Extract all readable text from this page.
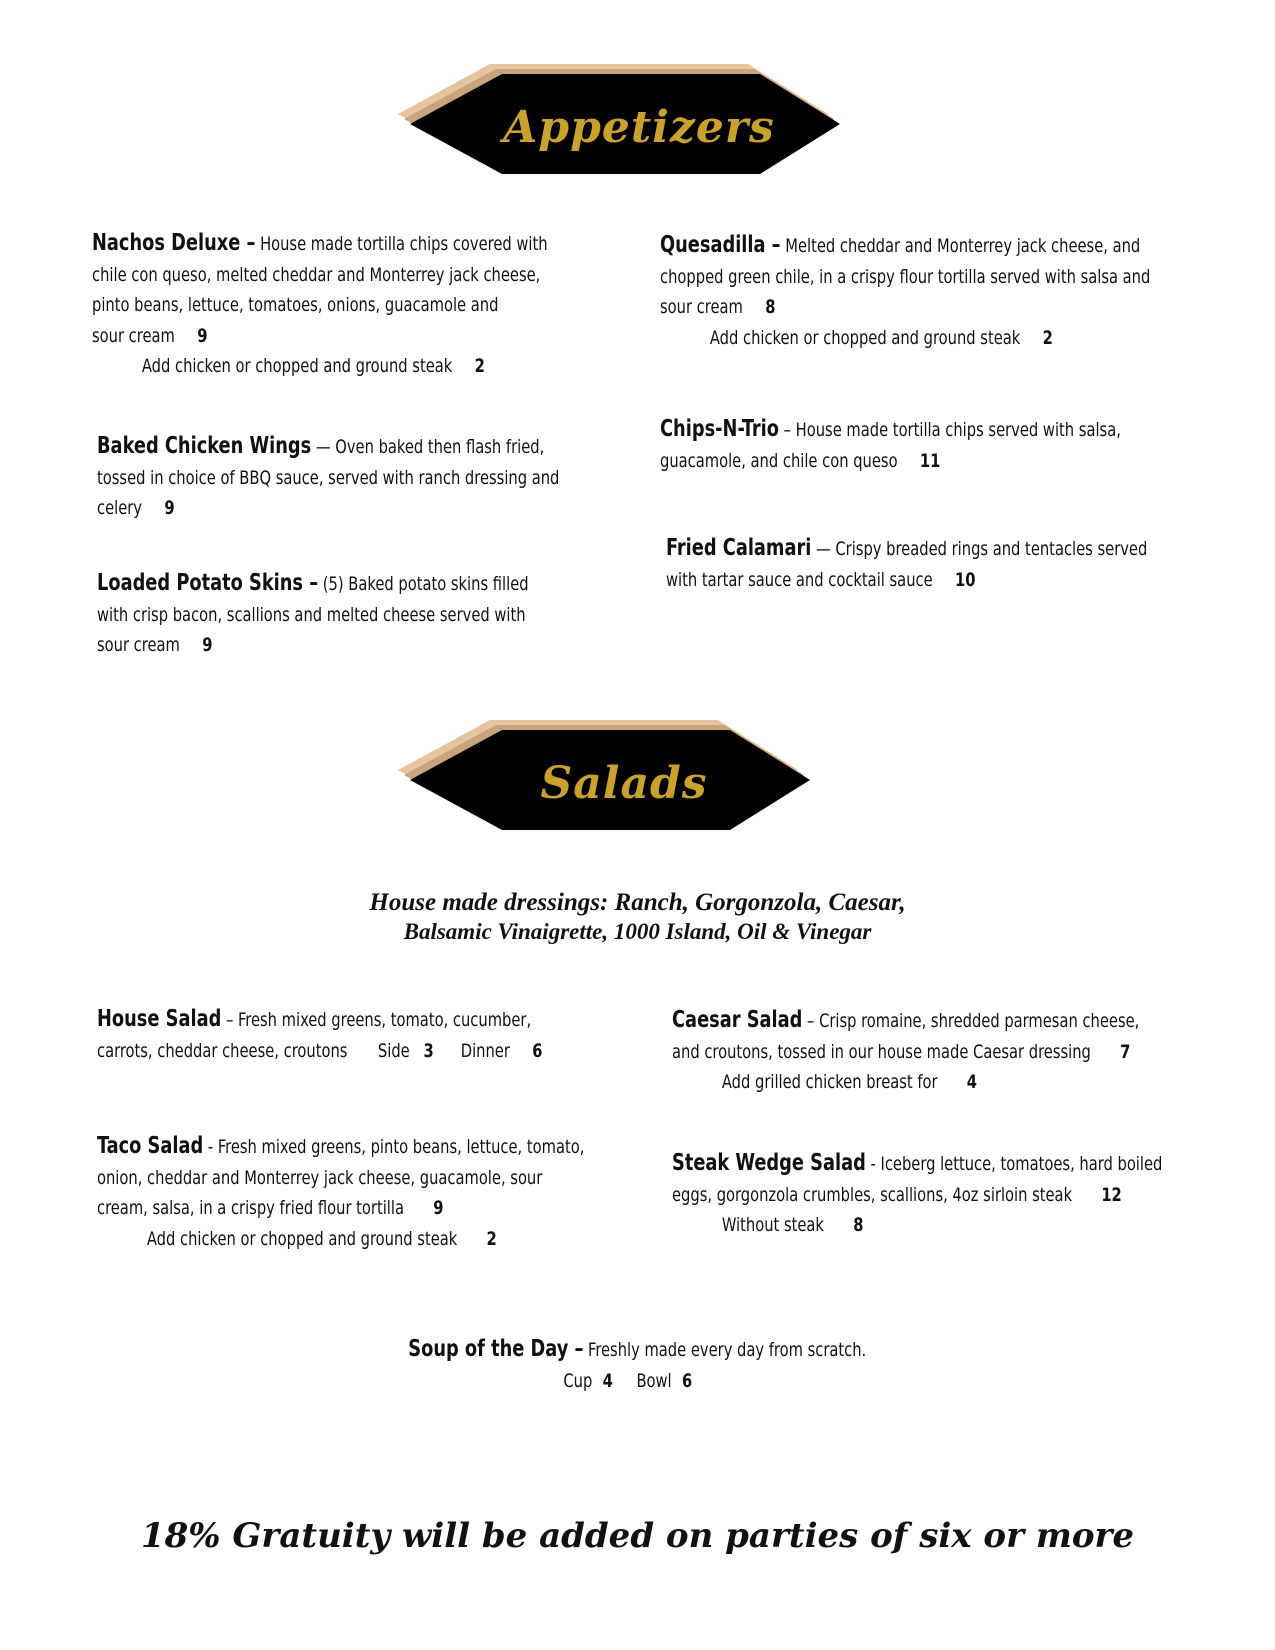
Appetizers
Salads
Nachos Deluxe – House made tortilla chips covered with
chile con queso, melted cheddar and Monterrey jack cheese,
pinto beans, lettuce, tomatoes, onions, guacamole and
sour cream 9
Add chicken or chopped and ground steak 2
Baked Chicken Wings — Oven baked then flash fried,
tossed in choice of BBQ sauce, served with ranch dressing and
celery 9
Loaded Potato Skins – (5) Baked potato skins filled
with crisp bacon, scallions and melted cheese served with
sour cream 9
Quesadilla – Melted cheddar and Monterrey jack cheese, and
chopped green chile, in a crispy flour tortilla served with salsa and
sour cream 8
Add chicken or chopped and ground steak 2
Chips-N-Trio – House made tortilla chips served with salsa,
guacamole, and chile con queso 11
Fried Calamari — Crispy breaded rings and tentacles served
with tartar sauce and cocktail sauce 10
House made dressings: Ranch, Gorgonzola, Caesar,
Balsamic Vinaigrette, 1000 Island, Oil & Vinegar
House Salad – Fresh mixed greens, tomato, cucumber,
carrots, cheddar cheese, croutons Side 3 Dinner 6
Taco Salad - Fresh mixed greens, pinto beans, lettuce, tomato,
onion, cheddar and Monterrey jack cheese, guacamole, sour
cream, salsa, in a crispy fried flour tortilla 9
Add chicken or chopped and ground steak 2
Caesar Salad – Crisp romaine, shredded parmesan cheese,
and croutons, tossed in our house made Caesar dressing 7
Add grilled chicken breast for 4
Steak Wedge Salad - Iceberg lettuce, tomatoes, hard boiled
eggs, gorgonzola crumbles, scallions, 4oz sirloin steak 12
Without steak 8
Soup of the Day – Freshly made every day from scratch.
Cup 4 Bowl 6
18% Gratuity will be added on parties of six or more
